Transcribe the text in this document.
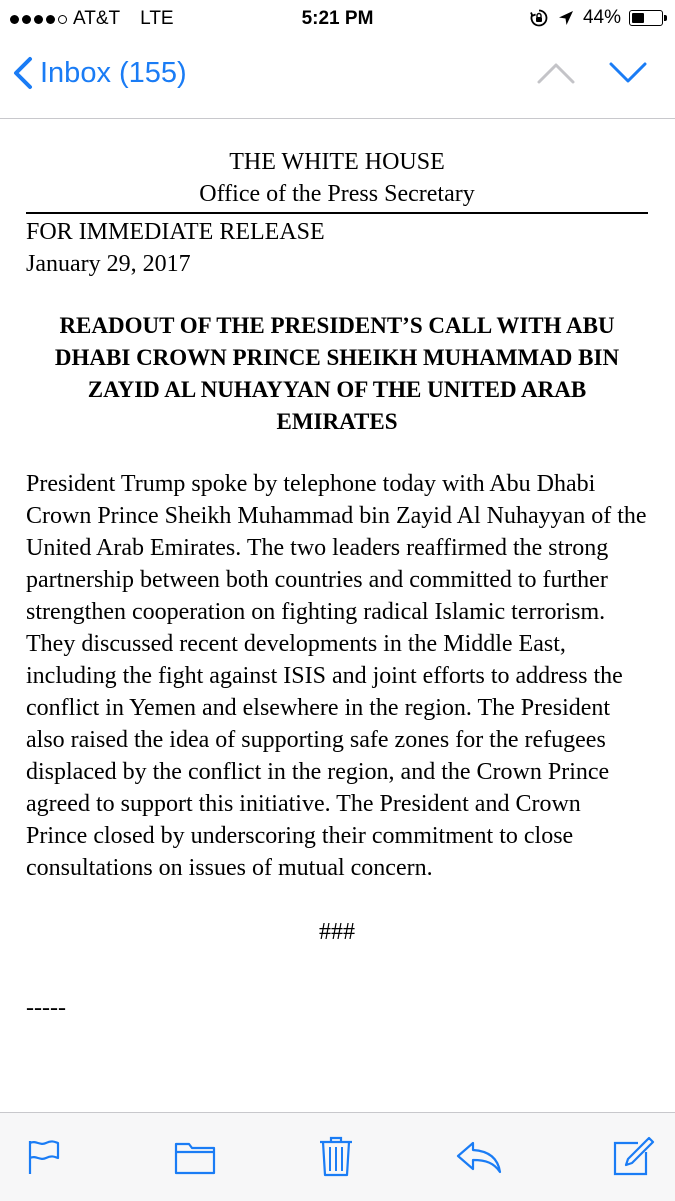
AT&T LTE	5:21 PM	44%
Inbox (155)
THE WHITE HOUSE
Office of the Press Secretary
FOR IMMEDIATE RELEASE
January 29, 2017
READOUT OF THE PRESIDENT’S CALL WITH ABU DHABI CROWN PRINCE SHEIKH MUHAMMAD BIN ZAYID AL NUHAYYAN OF THE UNITED ARAB EMIRATES
President Trump spoke by telephone today with Abu Dhabi Crown Prince Sheikh Muhammad bin Zayid Al Nuhayyan of the United Arab Emirates. The two leaders reaffirmed the strong partnership between both countries and committed to further strengthen cooperation on fighting radical Islamic terrorism. They discussed recent developments in the Middle East, including the fight against ISIS and joint efforts to address the conflict in Yemen and elsewhere in the region. The President also raised the idea of supporting safe zones for the refugees displaced by the conflict in the region, and the Crown Prince agreed to support this initiative. The President and Crown Prince closed by underscoring their commitment to close consultations on issues of mutual concern.
###
-----
